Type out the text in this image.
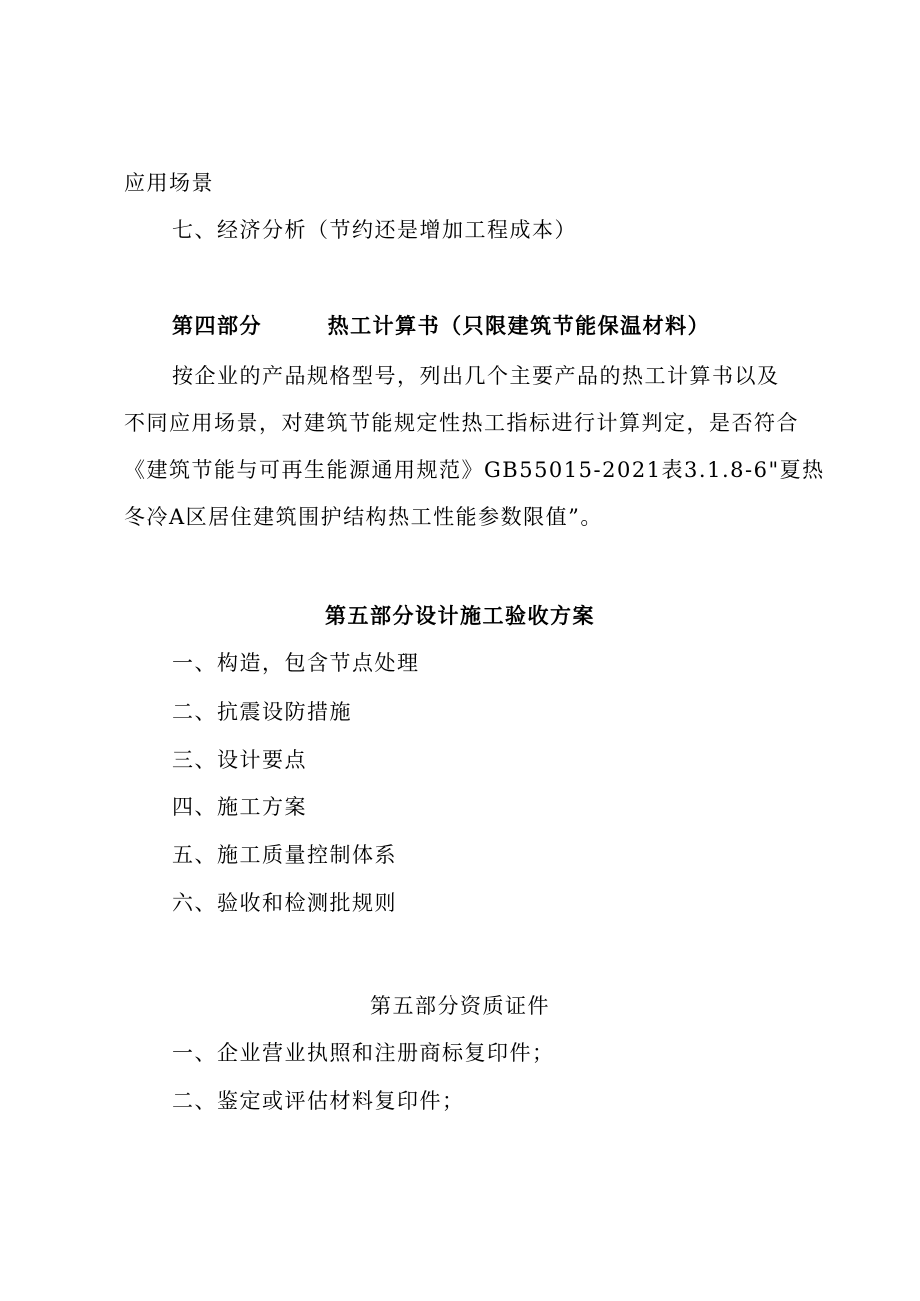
应用场景
七、经济分析（节约还是增加工程成本）
第四部分	热工计算书（只限建筑节能保温材料）

按企业的产品规格型号，列出几个主要产品的热工计算书以及

不同应用场景，对建筑节能规定性热工指标进行计算判定，是否符合

《建筑节能与可再生能源通用规范》GB55015-2021表3.1.8-6"夏热

冬冷A区居住建筑围护结构热工性能参数限值”。

第五部分设计施工验收方案
一、构造，包含节点处理
二、抗震设防措施
三、设计要点
四、施工方案
五、施工质量控制体系
六、验收和检测批规则
第五部分资质证件
一、企业营业执照和注册商标复印件；
二、鉴定或评估材料复印件；
